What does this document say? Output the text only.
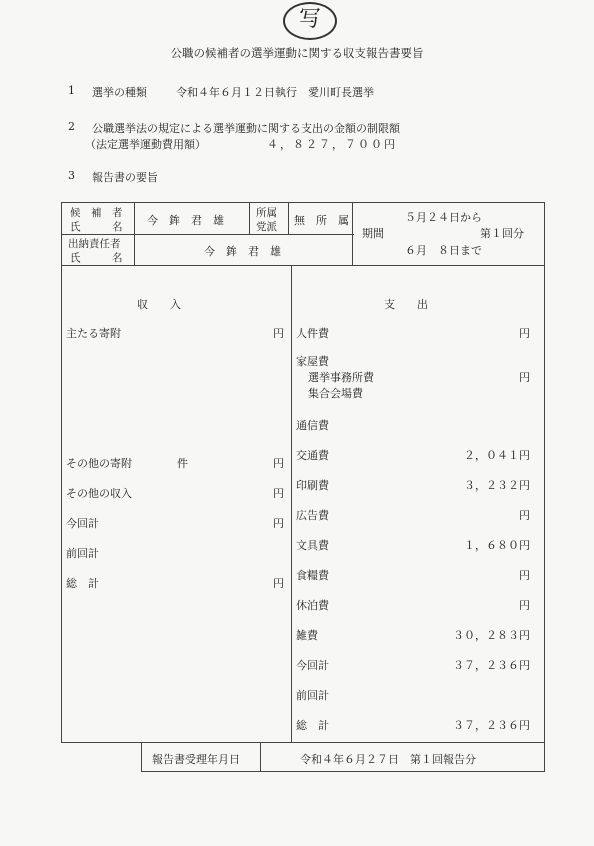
写
公職の候補者の選挙運動に関する収支報告書要旨
1 選挙の種類	令和４年６月１２日執行　愛川町長選挙
2 公職選挙法の規定による選挙運動に関する支出の金額の制限額
（法定選挙運動費用額）	４，８２７，７００円
3 報告書の要旨
候　補　者
氏　　　名 今　鉾　君　雄
所属
党派 無　所　属	５月２４日から
期間	第１回分
６月　８日まで
出納責任者
氏　　　名	今　鉾　君　雄
収　　入
主たる寄附	円
その他の寄附	件	円
その他の収入	円
今回計	円
前回計
総　計	円
支　　出
人件費	円
家屋費
選挙事務所費	円
集合会場費
通信費
交通費	２，０４１円
印刷費	３，２３２円
広告費	円
文具費	１，６８０円
食糧費	円
休泊費	円
雑費	３０，２８３円
今回計	３７，２３６円
前回計
総　計	３７，２３６円
報告書受理年月日	令和４年６月２７日　第１回報告分
